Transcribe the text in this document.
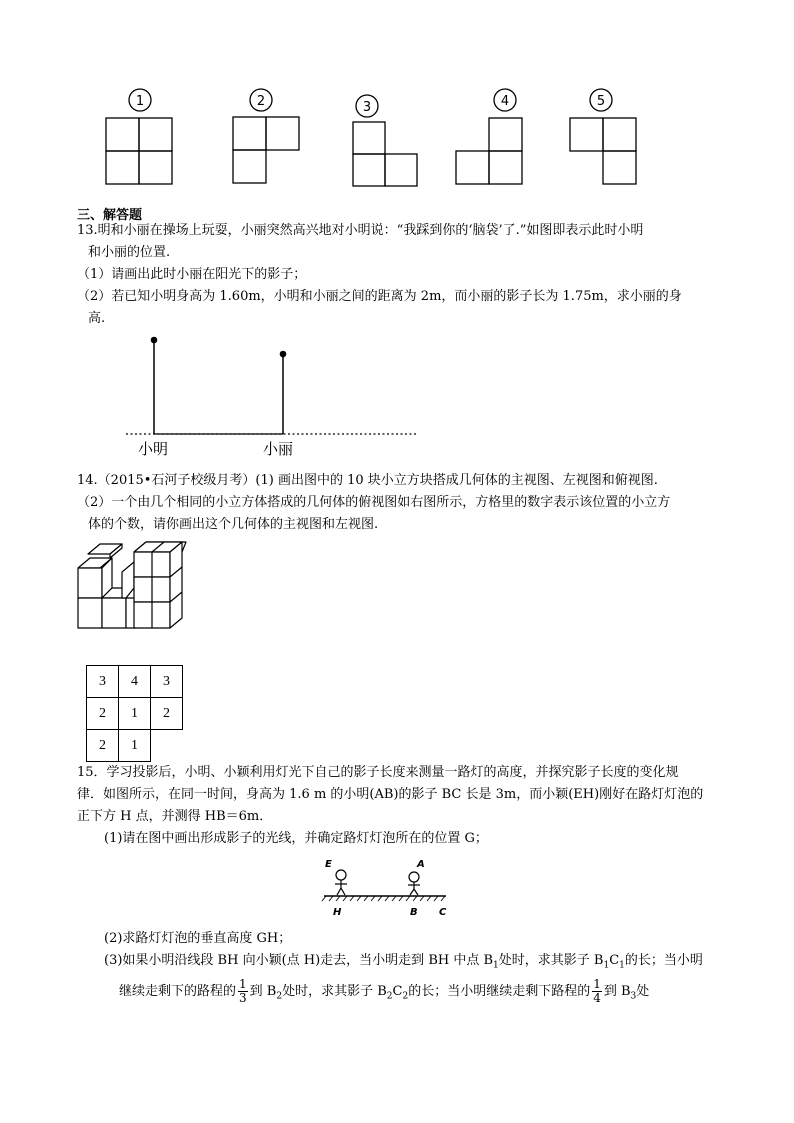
1	2	3	4	5
三、解答题
13.明和小丽在操场上玩耍，小丽突然高兴地对小明说：“我踩到你的‘脑袋’了.”如图即表示此时小明
和小丽的位置.
（1）请画出此时小丽在阳光下的影子；
（2）若已知小明身高为 1.60m，小明和小丽之间的距离为 2m，而小丽的影子长为 1.75m，求小丽的身
高.
小明	小丽
14.（2015•石河子校级月考）(1) 画出图中的 10 块小立方块搭成几何体的主视图、左视图和俯视图.
（2）一个由几个相同的小立方体搭成的几何体的俯视图如右图所示，方格里的数字表示该位置的小立方
体的个数，请你画出这个几何体的主视图和左视图.
3	4	3
2	1	2
2	1	
15．学习投影后，小明、小颖利用灯光下自己的影子长度来测量一路灯的高度，并探究影子长度的变化规
律．如图所示，在同一时间，身高为 1.6 m 的小明(AB)的影子 BC 长是 3m，而小颖(EH)刚好在路灯灯泡的
正下方 H 点，并测得 HB＝6m．
(1)请在图中画出形成影子的光线，并确定路灯灯泡所在的位置 G；
E	A
H	B C
(2)求路灯灯泡的垂直高度 GH；
(3)如果小明沿线段 BH 向小颖(点 H)走去，当小明走到 BH 中点 $B_1$处时，求其影子 $B_1C_1$的长；当小明
继续走剩下的路程的 $\frac{1}{3}$ 到 $B_2$处时，求其影子 $B_2C_2$的长；当小明继续走剩下路程的 $\frac{1}{4}$ 到 $B_3$处
